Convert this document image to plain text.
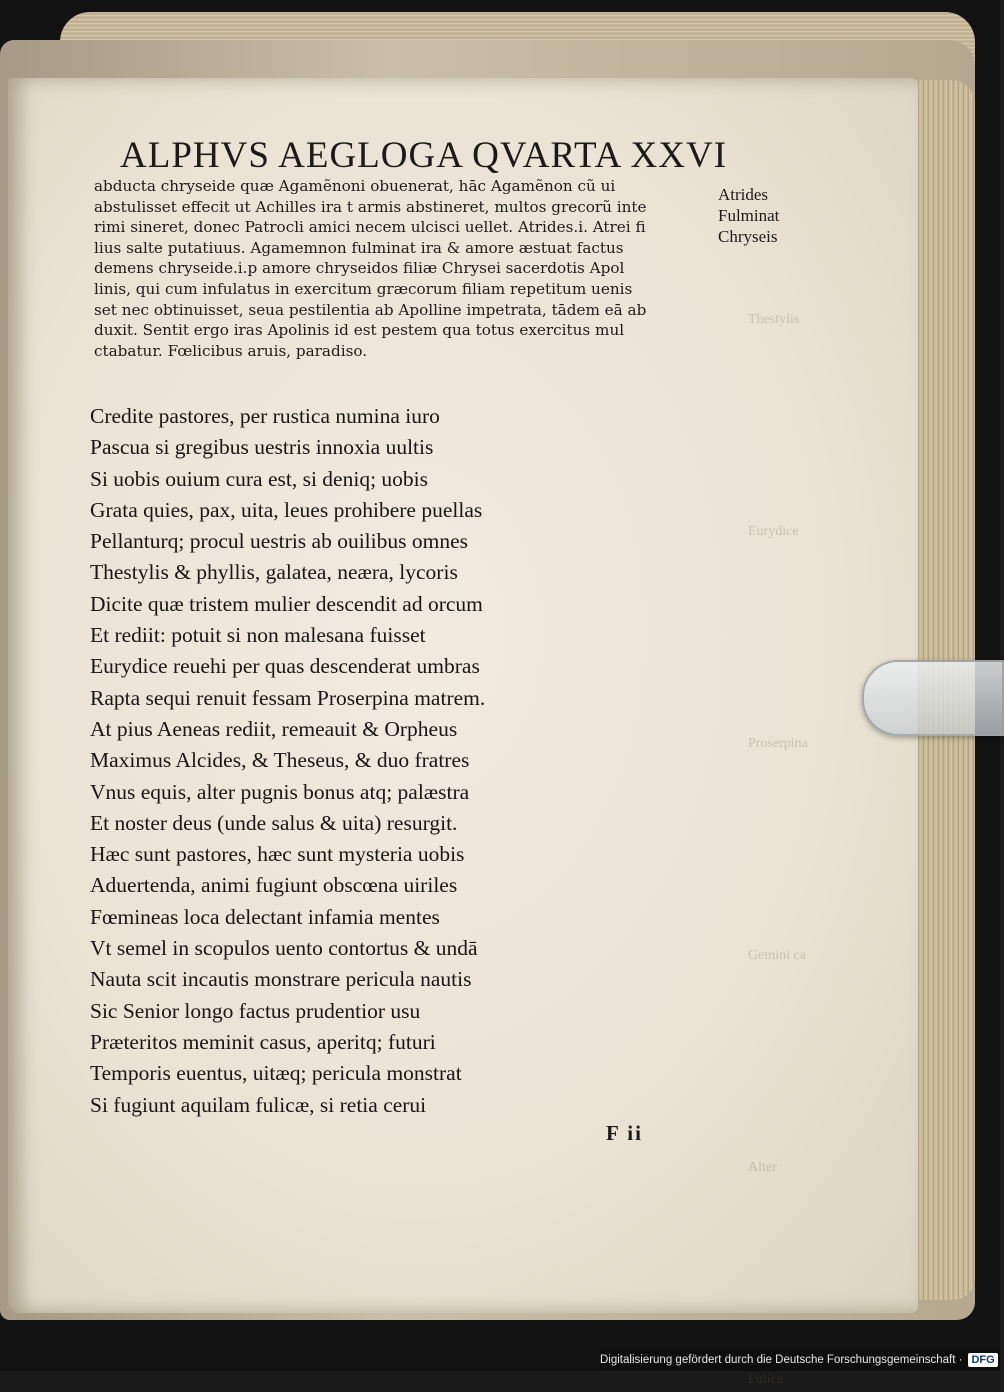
ALPHVS AEGLOGA QVARTA XXVI
abducta chryseide quæ Agamẽnoni obuenerat, hāc Agamẽnon cũ ui
abstulisset effecit ut Achilles ira t armis abstineret, multos grecorũ inte
rimi sineret, donec Patrocli amici necem ulcisci uellet. Atrides.i. Atrei fi
lius salte putatiuus. Agamemnon fulminat ira & amore æstuat factus
demens chryseide.i.p amore chryseidos filiæ Chrysei sacerdotis Apol
linis, qui cum infulatus in exercitum græcorum filiam repetitum uenis
set nec obtinuisset, seua pestilentia ab Apolline impetrata, tādem eā ab
duxit. Sentit ergo iras Apolinis id est pestem qua totus exercitus mul
ctabatur. Fœlicibus aruis, paradiso.
Atrides
Fulminat
Chryseis
Thestylis
Eurydice
Proserpina
Gemini ca
Alter
Fulica
Credite pastores, per rustica numina iuro
Pascua si gregibus uestris innoxia uultis
Si uobis ouium cura est, si deniq; uobis
Grata quies, pax, uita, leues prohibere puellas
Pellanturq; procul uestris ab ouilibus omnes
Thestylis & phyllis, galatea, neæra, lycoris
Dicite quæ tristem mulier descendit ad orcum
Et rediit: potuit si non malesana fuisset
Eurydice reuehi per quas descenderat umbras
Rapta sequi renuit fessam Proserpina matrem.
At pius Aeneas rediit, remeauit & Orpheus
Maximus Alcides, & Theseus, & duo fratres
Vnus equis, alter pugnis bonus atq; palæstra
Et noster deus (unde salus & uita) resurgit.
Hæc sunt pastores, hæc sunt mysteria uobis
Aduertenda, animi fugiunt obscœna uiriles
Fœmineas loca delectant infamia mentes
Vt semel in scopulos uento contortus & undā
Nauta scit incautis monstrare pericula nautis
Sic Senior longo factus prudentior usu
Præteritos meminit casus, aperitq; futuri
Temporis euentus, uitæq; pericula monstrat
Si fugiunt aquilam fulicæ, si retia cerui
F ii
Digitalisierung gefördert durch die Deutsche Forschungsgemeinschaft · DFG
